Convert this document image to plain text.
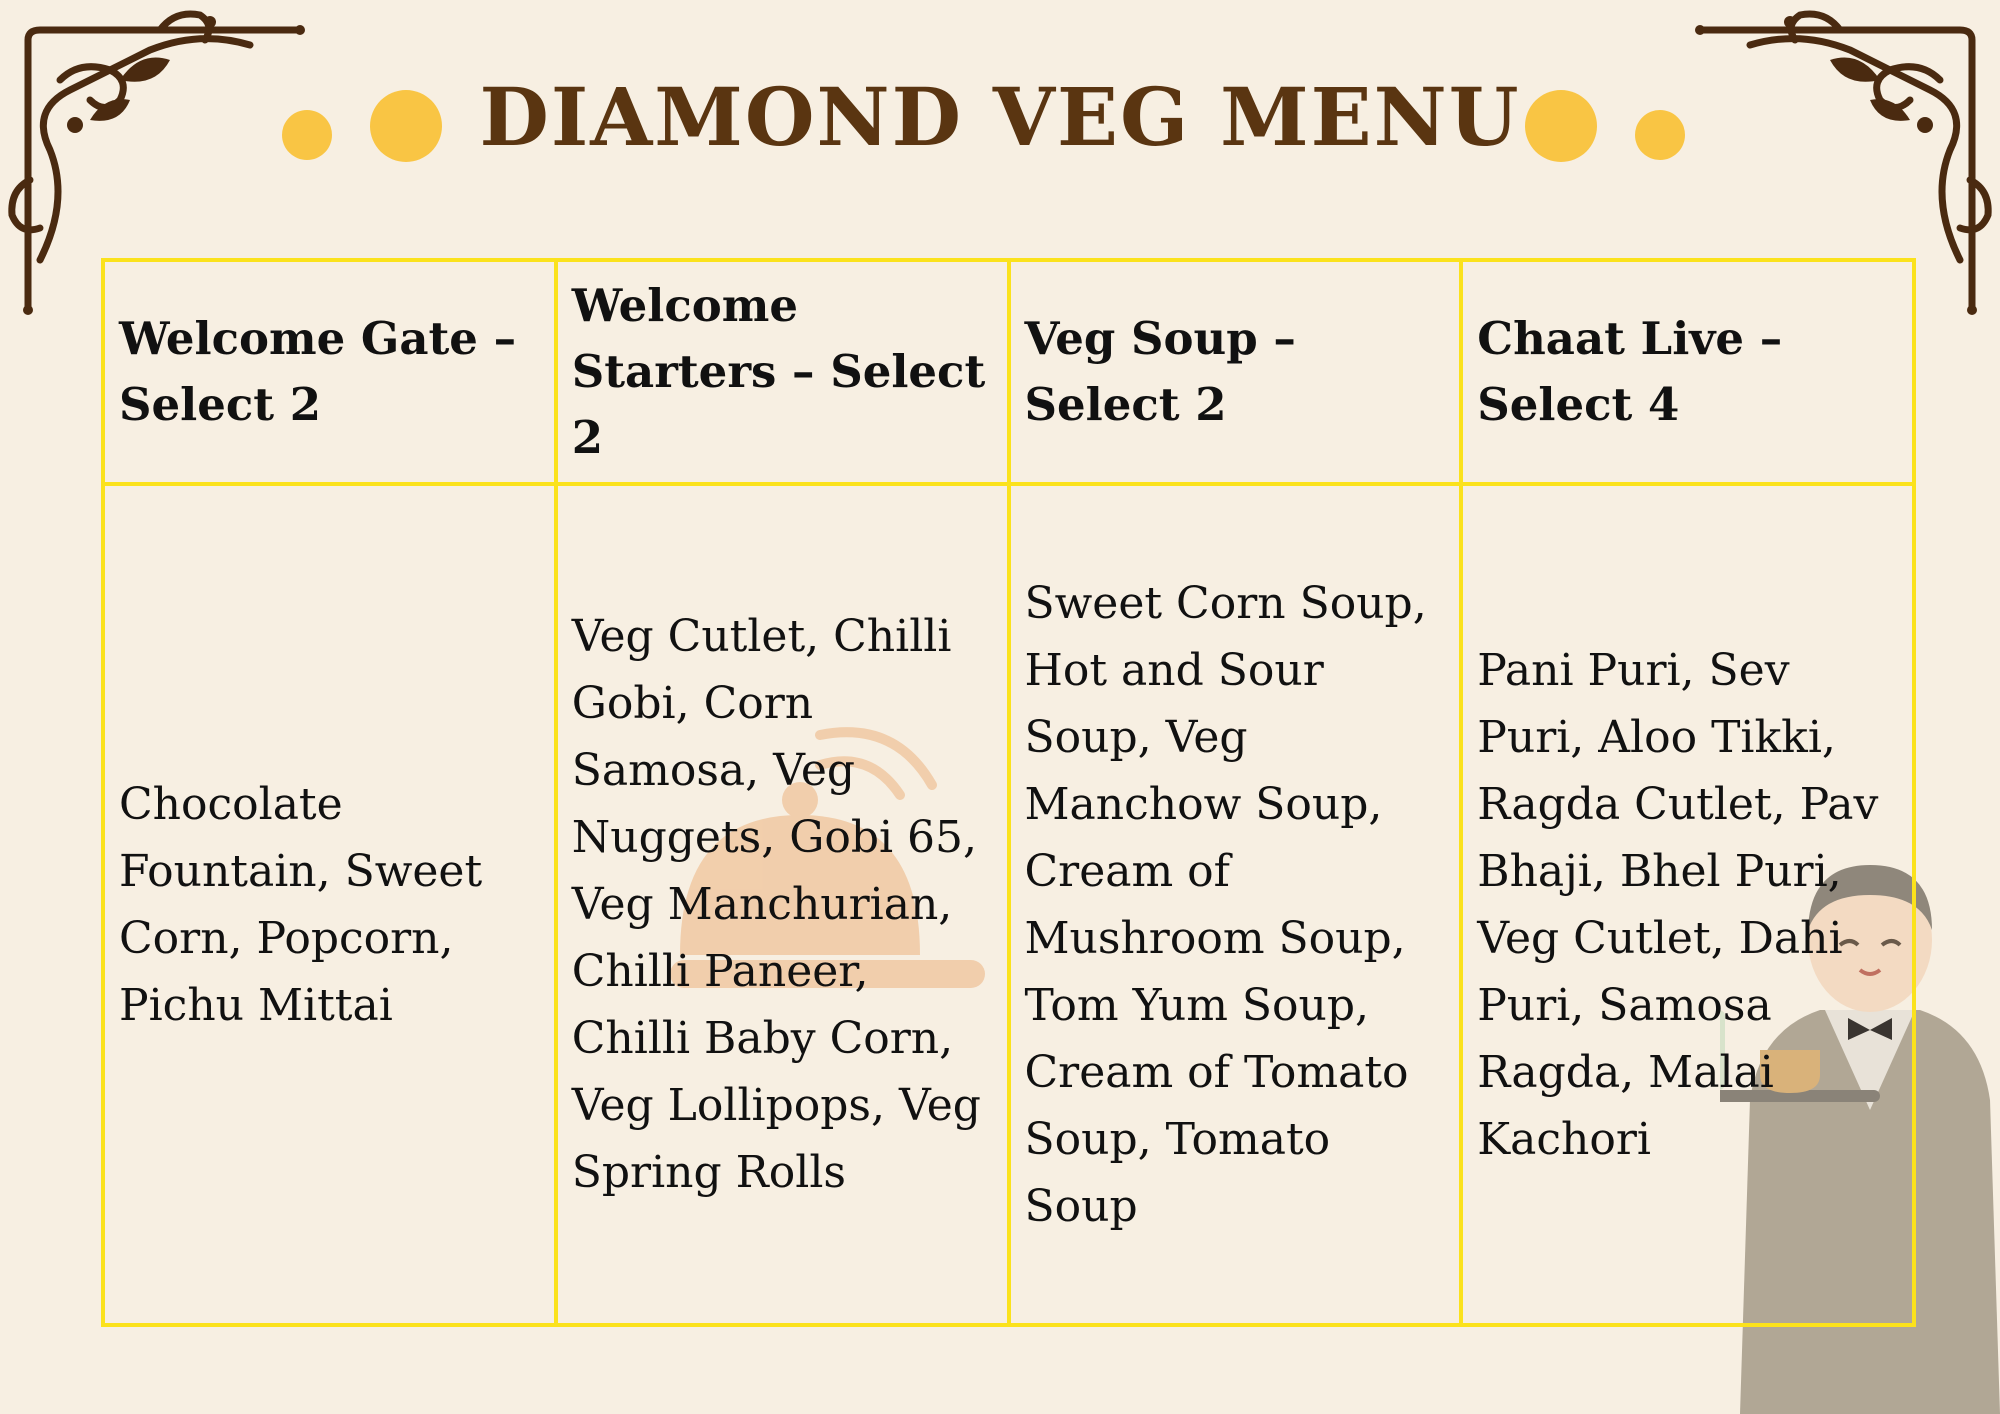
DIAMOND VEG MENU
Welcome Gate – Select 2	Welcome Starters – Select 2	Veg Soup – Select 2	Chaat Live – Select 4
Chocolate Fountain, Sweet Corn, Popcorn, Pichu Mittai	Veg Cutlet, Chilli Gobi, Corn Samosa, Veg Nuggets, Gobi 65, Veg Manchurian, Chilli Paneer, Chilli Baby Corn, Veg Lollipops, Veg Spring Rolls	Sweet Corn Soup, Hot and Sour Soup, Veg Manchow Soup, Cream of Mushroom Soup, Tom Yum Soup, Cream of Tomato Soup, Tomato Soup	Pani Puri, Sev Puri, Aloo Tikki, Ragda Cutlet, Pav Bhaji, Bhel Puri, Veg Cutlet, Dahi Puri, Samosa Ragda, Malai Kachori
